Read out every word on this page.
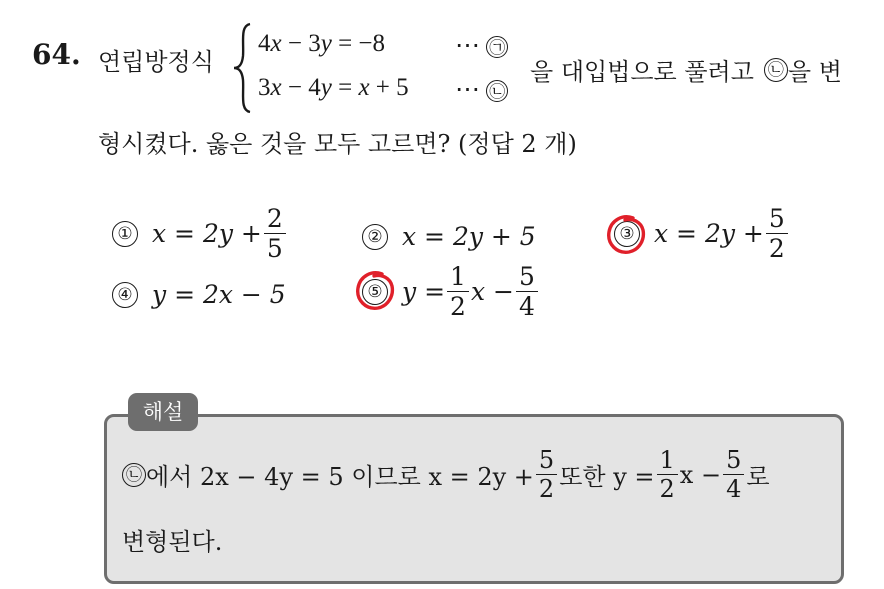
64. 연립방정식
4x − 3y = −8	⋯ ㉠
3x − 4y = x + 5 ⋯ ㉡
을 대입법으로 풀려고 ㉡ 을 변
형시켰다. 옳은 것을 모두 고르면? (정답 2 개)
① $x = 2y + \frac{2}{5}$	② x = 2y + 5	③ $x = 2y + \frac{5}{2}$
④ y = 2x − 5	⑤ $y = \frac{1}{2}$ $x - \frac{5}{4}$
해설
㉡ 에서 2x − 4y = 5 이므로 $x = 2y + \frac{5}{2}$ 또한 $y = \frac{1}{2}$ $x - \frac{5}{4}$ 로
변형된다.
